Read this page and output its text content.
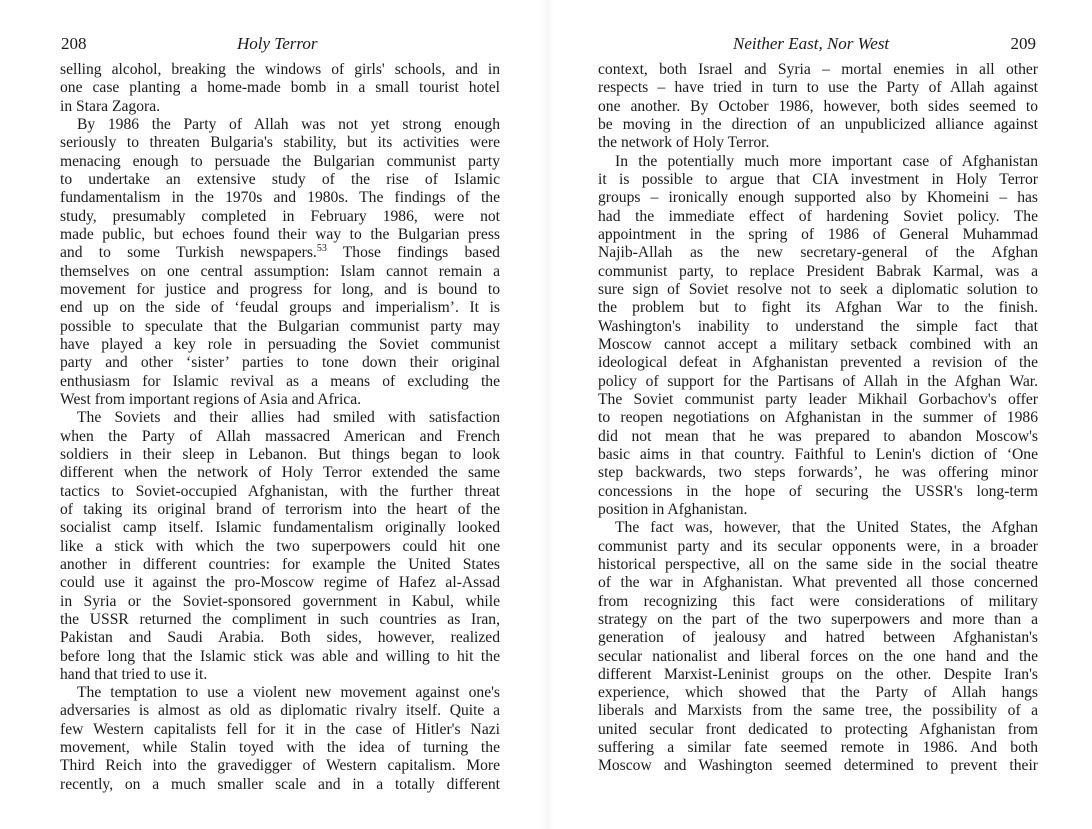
208	Holy Terror
selling alcohol, breaking the windows of girls' schools, and in
one case planting a home-made bomb in a small tourist hotel
in Stara Zagora.
By 1986 the Party of Allah was not yet strong enough
seriously to threaten Bulgaria's stability, but its activities were
menacing enough to persuade the Bulgarian communist party
to undertake an extensive study of the rise of Islamic
fundamentalism in the 1970s and 1980s. The findings of the
study, presumably completed in February 1986, were not
made public, but echoes found their way to the Bulgarian press
and to some Turkish newspapers.$^{53}$ Those findings based
themselves on one central assumption: Islam cannot remain a
movement for justice and progress for long, and is bound to
end up on the side of ‘feudal groups and imperialism’. It is
possible to speculate that the Bulgarian communist party may
have played a key role in persuading the Soviet communist
party and other ‘sister’ parties to tone down their original
enthusiasm for Islamic revival as a means of excluding the
West from important regions of Asia and Africa.
The Soviets and their allies had smiled with satisfaction
when the Party of Allah massacred American and French
soldiers in their sleep in Lebanon. But things began to look
different when the network of Holy Terror extended the same
tactics to Soviet-occupied Afghanistan, with the further threat
of taking its original brand of terrorism into the heart of the
socialist camp itself. Islamic fundamentalism originally looked
like a stick with which the two superpowers could hit one
another in different countries: for example the United States
could use it against the pro-Moscow regime of Hafez al-Assad
in Syria or the Soviet-sponsored government in Kabul, while
the USSR returned the compliment in such countries as Iran,
Pakistan and Saudi Arabia. Both sides, however, realized
before long that the Islamic stick was able and willing to hit the
hand that tried to use it.
The temptation to use a violent new movement against one's
adversaries is almost as old as diplomatic rivalry itself. Quite a
few Western capitalists fell for it in the case of Hitler's Nazi
movement, while Stalin toyed with the idea of turning the
Third Reich into the gravedigger of Western capitalism. More
recently, on a much smaller scale and in a totally different
Neither East, Nor West	209
context, both Israel and Syria – mortal enemies in all other
respects – have tried in turn to use the Party of Allah against
one another. By October 1986, however, both sides seemed to
be moving in the direction of an unpublicized alliance against
the network of Holy Terror.
In the potentially much more important case of Afghanistan
it is possible to argue that CIA investment in Holy Terror
groups – ironically enough supported also by Khomeini – has
had the immediate effect of hardening Soviet policy. The
appointment in the spring of 1986 of General Muhammad
Najib-Allah as the new secretary-general of the Afghan
communist party, to replace President Babrak Karmal, was a
sure sign of Soviet resolve not to seek a diplomatic solution to
the problem but to fight its Afghan War to the finish.
Washington's inability to understand the simple fact that
Moscow cannot accept a military setback combined with an
ideological defeat in Afghanistan prevented a revision of the
policy of support for the Partisans of Allah in the Afghan War.
The Soviet communist party leader Mikhail Gorbachov's offer
to reopen negotiations on Afghanistan in the summer of 1986
did not mean that he was prepared to abandon Moscow's
basic aims in that country. Faithful to Lenin's diction of ‘One
step backwards, two steps forwards’, he was offering minor
concessions in the hope of securing the USSR's long-term
position in Afghanistan.
The fact was, however, that the United States, the Afghan
communist party and its secular opponents were, in a broader
historical perspective, all on the same side in the social theatre
of the war in Afghanistan. What prevented all those concerned
from recognizing this fact were considerations of military
strategy on the part of the two superpowers and more than a
generation of jealousy and hatred between Afghanistan's
secular nationalist and liberal forces on the one hand and the
different Marxist-Leninist groups on the other. Despite Iran's
experience, which showed that the Party of Allah hangs
liberals and Marxists from the same tree, the possibility of a
united secular front dedicated to protecting Afghanistan from
suffering a similar fate seemed remote in 1986. And both
Moscow and Washington seemed determined to prevent their
